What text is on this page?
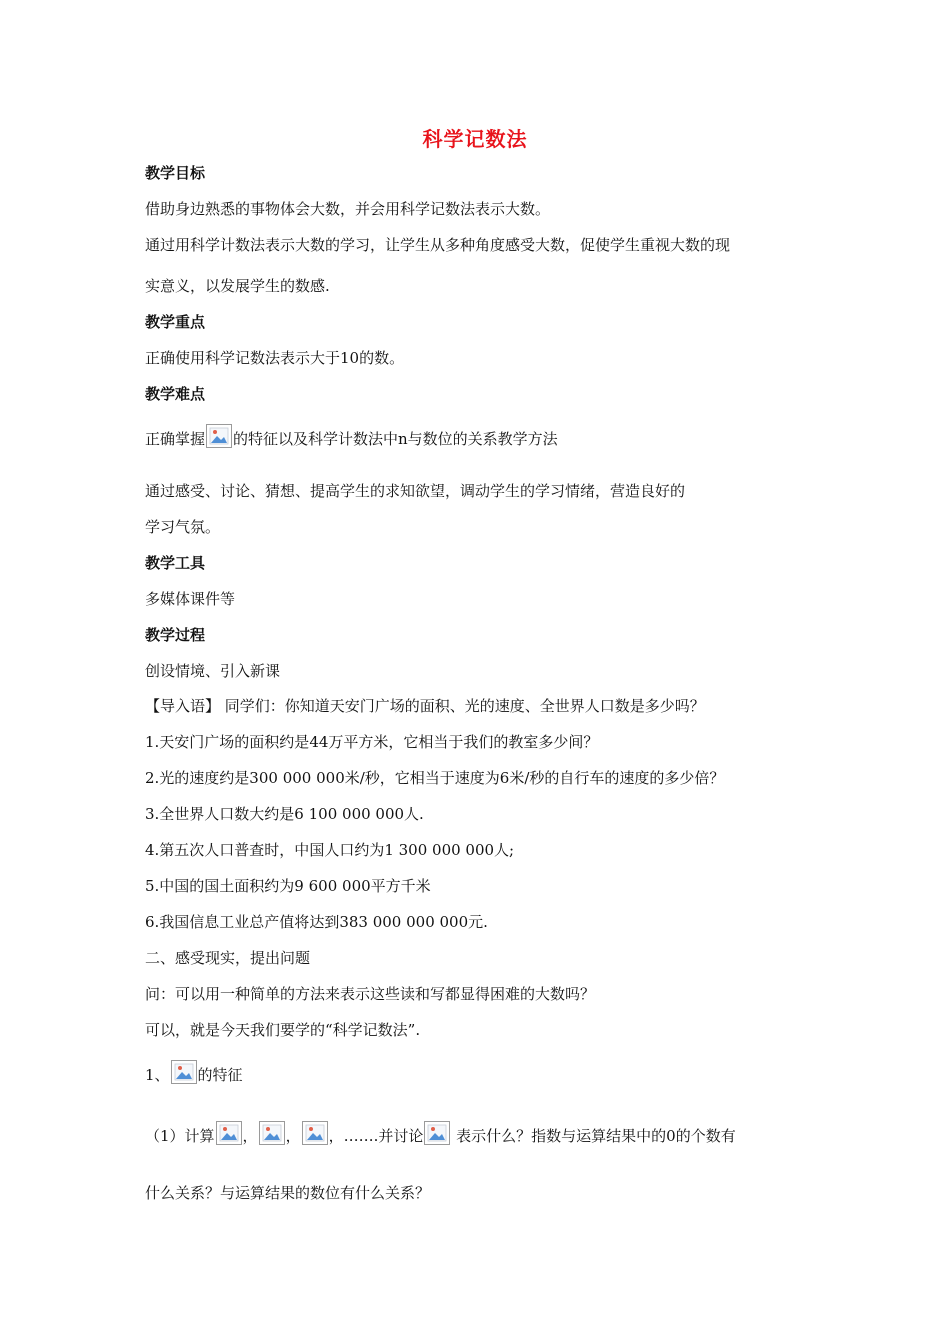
科学记数法
教学目标
借助身边熟悉的事物体会大数，并会用科学记数法表示大数。
通过用科学计数法表示大数的学习，让学生从多种角度感受大数，促使学生重视大数的现
实意义，以发展学生的数感.
教学重点
正确使用科学记数法表示大于10的数。
教学难点
正确掌握 的特征以及科学计数法中n与数位的关系教学方法
通过感受、讨论、猜想、提高学生的求知欲望，调动学生的学习情绪，营造良好的
学习气氛。
教学工具
多媒体课件等
教学过程
创设情境、引入新课
【导入语】 同学们：你知道天安门广场的面积、光的速度、全世界人口数是多少吗？
1.天安门广场的面积约是44万平方米，它相当于我们的教室多少间？
2.光的速度约是300 000 000米/秒，它相当于速度为6米/秒的自行车的速度的多少倍？
3.全世界人口数大约是6 100 000 000人.
4.第五次人口普查时，中国人口约为1 300 000 000人;
5.中国的国土面积约为9 600 000平方千米
6.我国信息工业总产值将达到383 000 000 000元.
二、感受现实，提出问题
问：可以用一种简单的方法来表示这些读和写都显得困难的大数吗？
可以，就是今天我们要学的“科学记数法”.
1、 的特征
（1）计算 ， ， ，…….并讨论
表示什么？指数与运算结果中的0的个数有
什么关系？与运算结果的数位有什么关系？
